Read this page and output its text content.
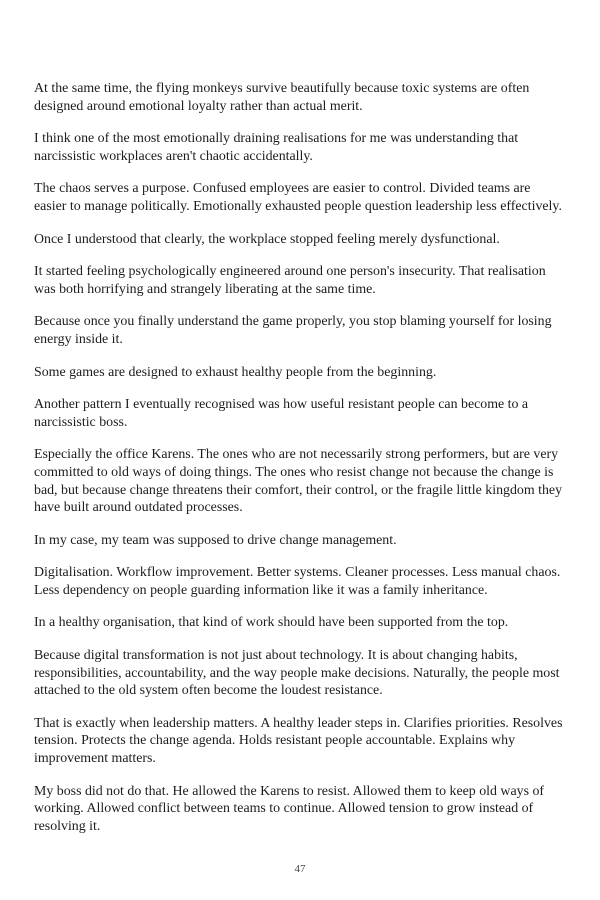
At the same time, the flying monkeys survive beautifully because toxic systems are often designed around emotional loyalty rather than actual merit.

I think one of the most emotionally draining realisations for me was understanding that narcissistic workplaces aren't chaotic accidentally.

The chaos serves a purpose. Confused employees are easier to control. Divided teams are easier to manage politically. Emotionally exhausted people question leadership less effectively.

Once I understood that clearly, the workplace stopped feeling merely dysfunctional.

It started feeling psychologically engineered around one person's insecurity. That realisation was both horrifying and strangely liberating at the same time.

Because once you finally understand the game properly, you stop blaming yourself for losing energy inside it.

Some games are designed to exhaust healthy people from the beginning.

Another pattern I eventually recognised was how useful resistant people can become to a narcissistic boss.

Especially the office Karens. The ones who are not necessarily strong performers, but are very committed to old ways of doing things. The ones who resist change not because the change is bad, but because change threatens their comfort, their control, or the fragile little kingdom they have built around outdated processes.

In my case, my team was supposed to drive change management.

Digitalisation. Workflow improvement. Better systems. Cleaner processes. Less manual chaos. Less dependency on people guarding information like it was a family inheritance.

In a healthy organisation, that kind of work should have been supported from the top.

Because digital transformation is not just about technology. It is about changing habits, responsibilities, accountability, and the way people make decisions. Naturally, the people most attached to the old system often become the loudest resistance.

That is exactly when leadership matters. A healthy leader steps in. Clarifies priorities. Resolves tension. Protects the change agenda. Holds resistant people accountable. Explains why improvement matters.

My boss did not do that. He allowed the Karens to resist. Allowed them to keep old ways of working. Allowed conflict between teams to continue. Allowed tension to grow instead of resolving it.

47
